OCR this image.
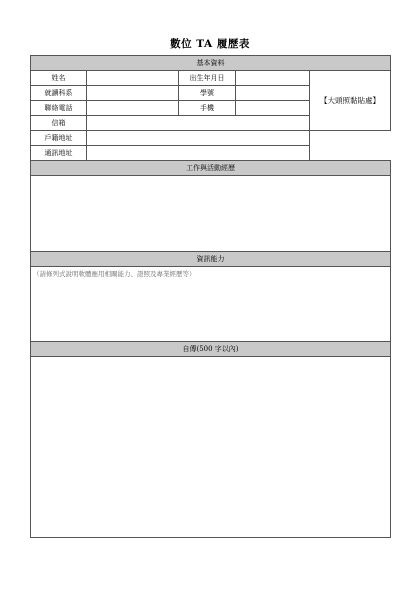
數位 TA 履歷表
基本資料				
姓名		出生年月日		【大頭照黏貼處】
就讀科系		學號		
聯絡電話		手機		
信箱				
戶籍地址				
通訊地址				
工作與活動經歷				

資訊能力				
（請條列式說明軟體應用相關能力、證照及專業經歷等）				
自傳(500 字以內)				
